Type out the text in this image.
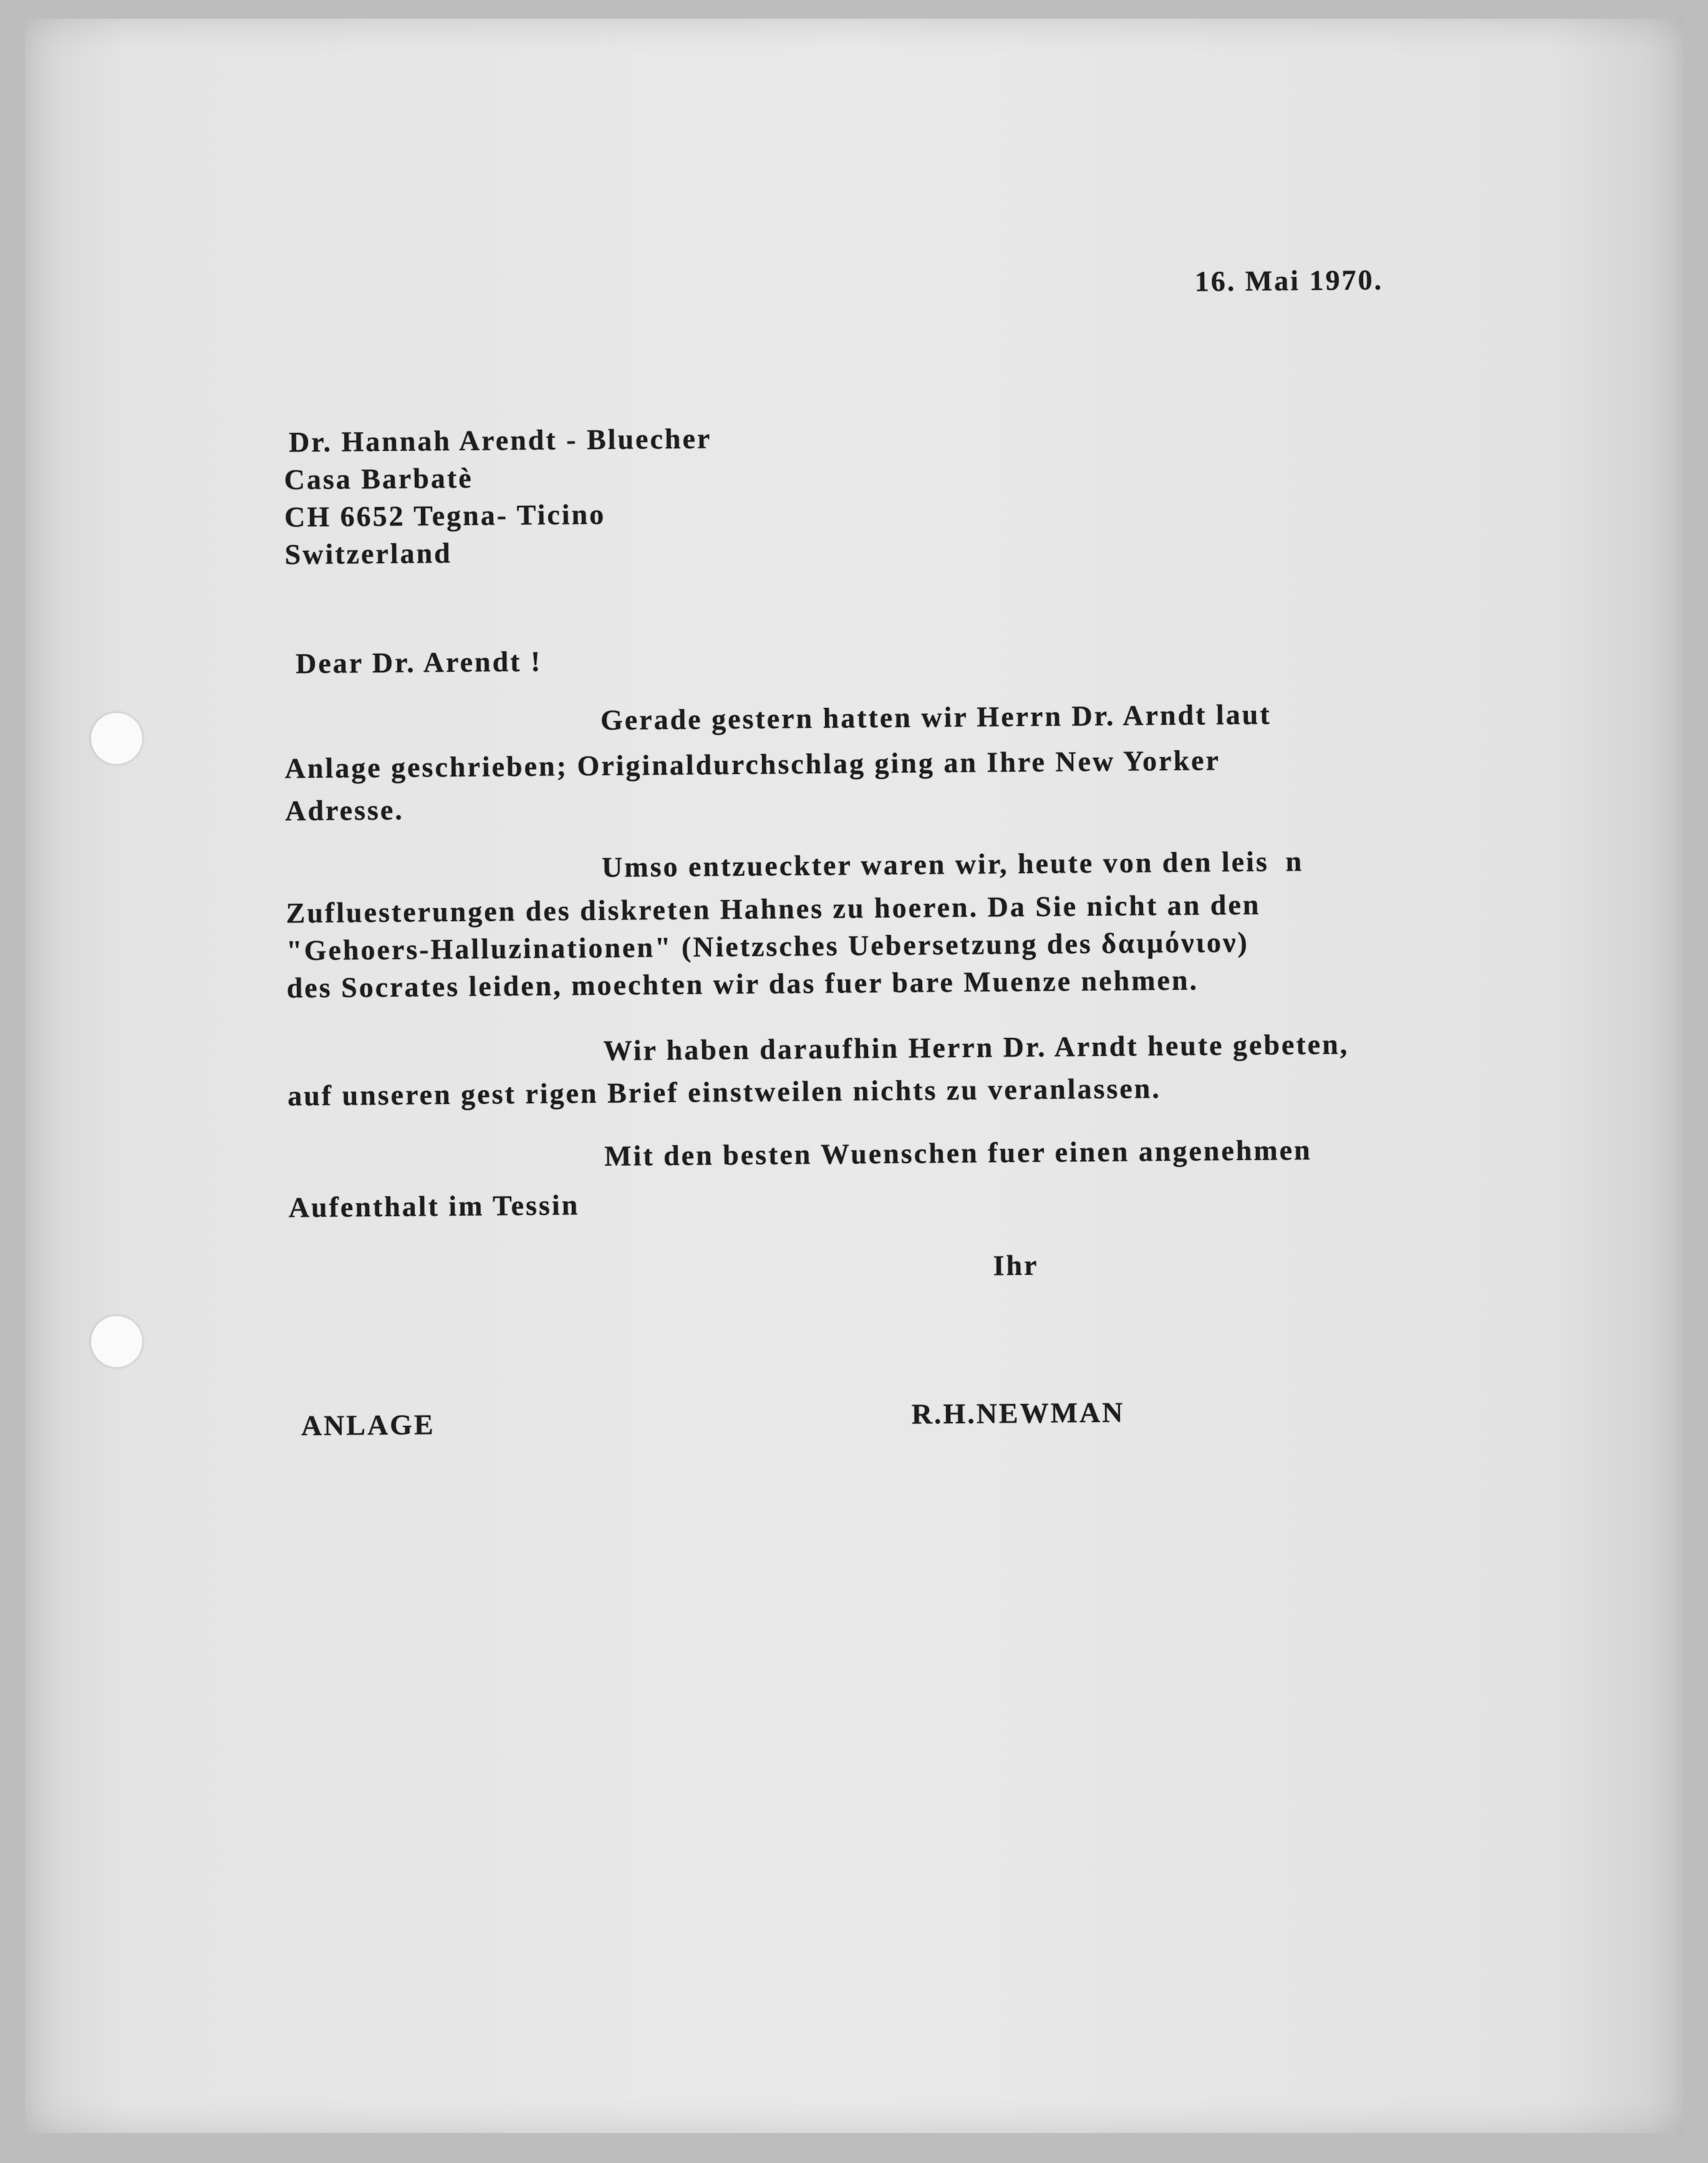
16. Mai 1970.
Dr. Hannah Arendt - Bluecher
Casa Barbatè
CH 6652 Tegna- Ticino
Switzerland
Dear Dr. Arendt !
Gerade gestern hatten wir Herrn Dr. Arndt laut
Anlage geschrieben; Originaldurchschlag ging an Ihre New Yorker
Adresse.
Umso entzueckter waren wir, heute von den leis  n
Zufluesterungen des diskreten Hahnes zu hoeren. Da Sie nicht an den
"Gehoers-Halluzinationen" (Nietzsches Uebersetzung des δαιμόνιον)
des Socrates leiden, moechten wir das fuer bare Muenze nehmen.
Wir haben daraufhin Herrn Dr. Arndt heute gebeten,
auf unseren gest rigen Brief einstweilen nichts zu veranlassen.
Mit den besten Wuenschen fuer einen angenehmen
Aufenthalt im Tessin
Ihr
ANLAGE	R.H.NEWMAN
